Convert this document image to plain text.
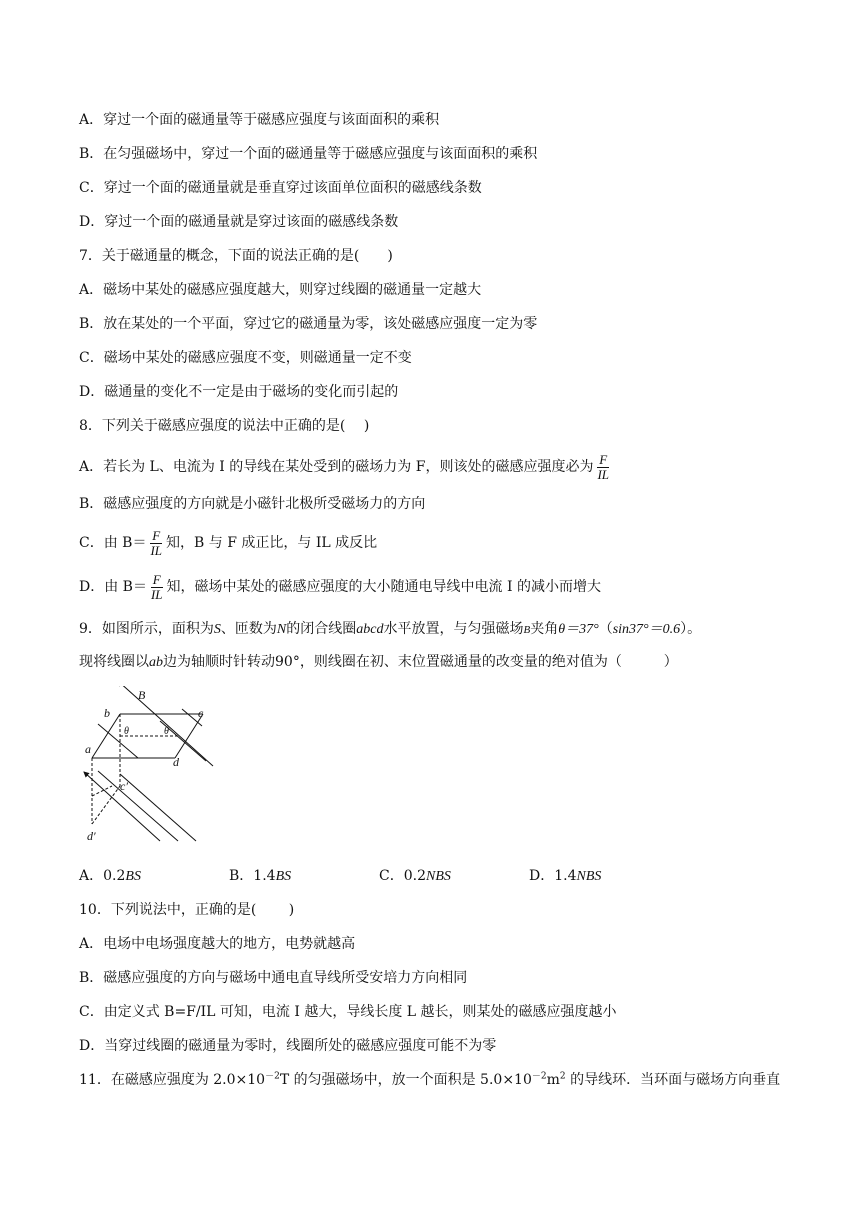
A．穿过一个面的磁通量等于磁感应强度与该面面积的乘积
B．在匀强磁场中，穿过一个面的磁通量等于磁感应强度与该面面积的乘积
C．穿过一个面的磁通量就是垂直穿过该面单位面积的磁感线条数
D．穿过一个面的磁通量就是穿过该面的磁感线条数
7．关于磁通量的概念，下面的说法正确的是(　　)
A．磁场中某处的磁感应强度越大，则穿过线圈的磁通量一定越大
B．放在某处的一个平面，穿过它的磁通量为零，该处磁感应强度一定为零
C．磁场中某处的磁感应强度不变，则磁通量一定不变
D．磁通量的变化不一定是由于磁场的变化而引起的
8．下列关于磁感应强度的说法中正确的是(　 )
A．若长为 L、电流为 I 的导线在某处受到的磁场力为 F，则该处的磁感应强度必为 $\frac{F}{IL}$
B．磁感应强度的方向就是小磁针北极所受磁场力的方向
C．由 $B= \frac{F}{IL}$ 知，B 与 F 成正比，与 IL 成反比
D．由 $B= \frac{F}{IL}$ 知，磁场中某处的磁感应强度的大小随通电导线中电流 I 的减小而增大
9．如图所示，面积为S、匝数为N的闭合线圈abcd水平放置，与匀强磁场B夹角θ＝37°（sin37°＝0.6）。
现将线圈以ab边为轴顺时针转动90°，则线圈在初、末位置磁通量的改变量的绝对值为（　　　）
B
b	c
a
d
c′
d′
θ	θ
A．0.2BS	B．1.4BS	C．0.2NBS	D．1.4NBS
10．下列说法中，正确的是(　　 )
A．电场中电场强度越大的地方，电势就越高
B．磁感应强度的方向与磁场中通电直导线所受安培力方向相同
C．由定义式 B=F/IL 可知，电流 I 越大，导线长度 L 越长，则某处的磁感应强度越小
D．当穿过线圈的磁通量为零时，线圈所处的磁感应强度可能不为零
11．在磁感应强度为 $2.0\times 10^{-2}T$ 的匀强磁场中，放一个面积是 $5.0\times 10^{-2}m^2$ 的导线环．当环面与磁场方向垂直
